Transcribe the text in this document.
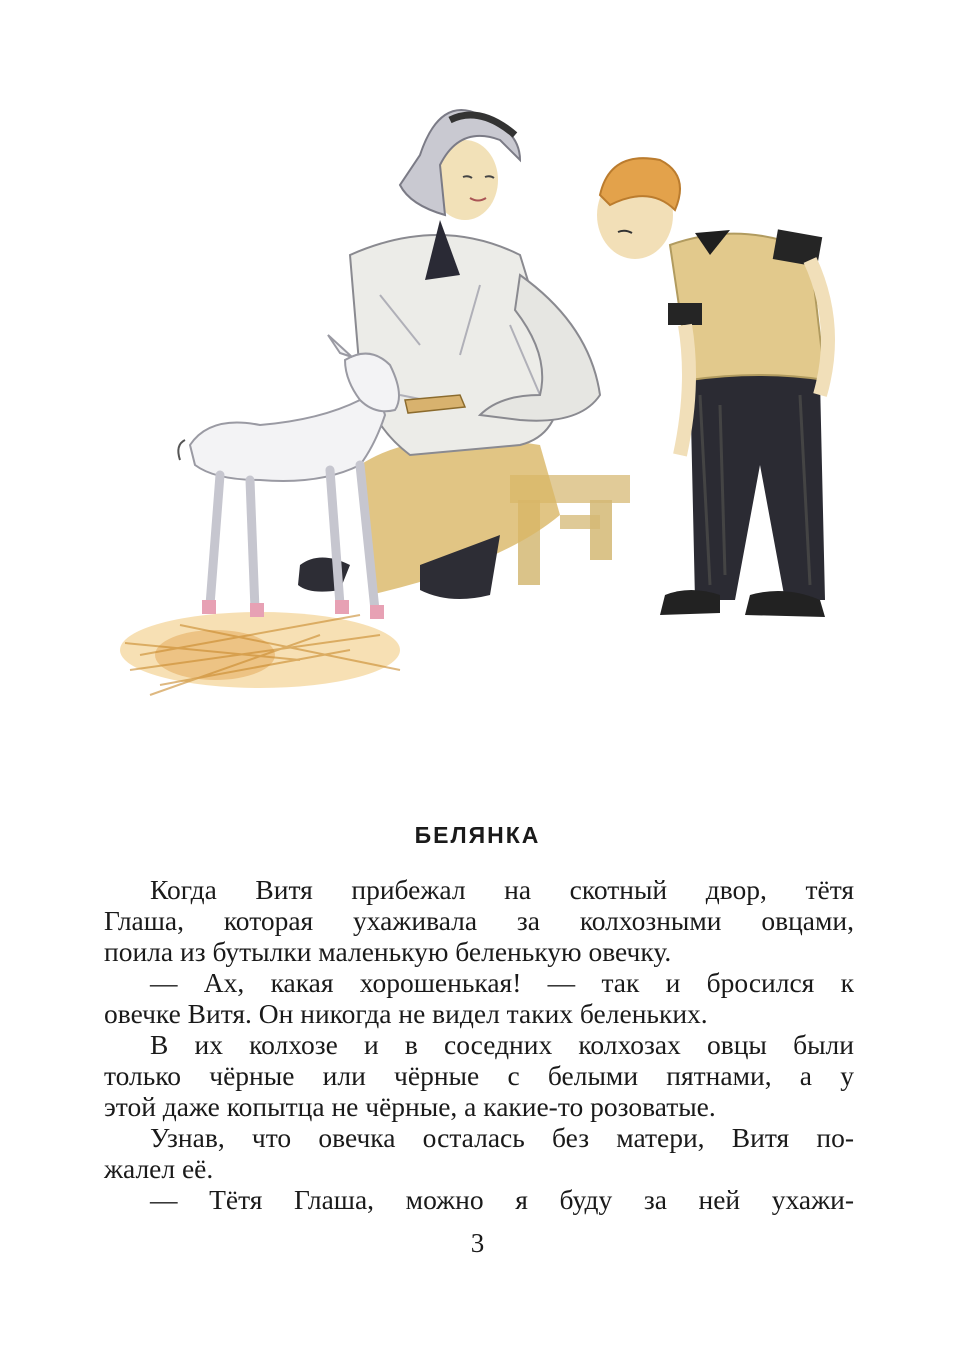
БЕЛЯНКА
Когда Витя прибежал на скотный двор, тётя
Глаша, которая ухаживала за колхозными овцами,
поила из бутылки маленькую беленькую овечку.
— Ах, какая хорошенькая! — так и бросился к
овечке Витя. Он никогда не видел таких беленьких.
В их колхозе и в соседних колхозах овцы были
только чёрные или чёрные с белыми пятнами, а у
этой даже копытца не чёрные, а какие-то розоватые.
Узнав, что овечка осталась без матери, Витя по-
жалел её.
— Тётя Глаша, можно я буду за ней ухажи-
3
